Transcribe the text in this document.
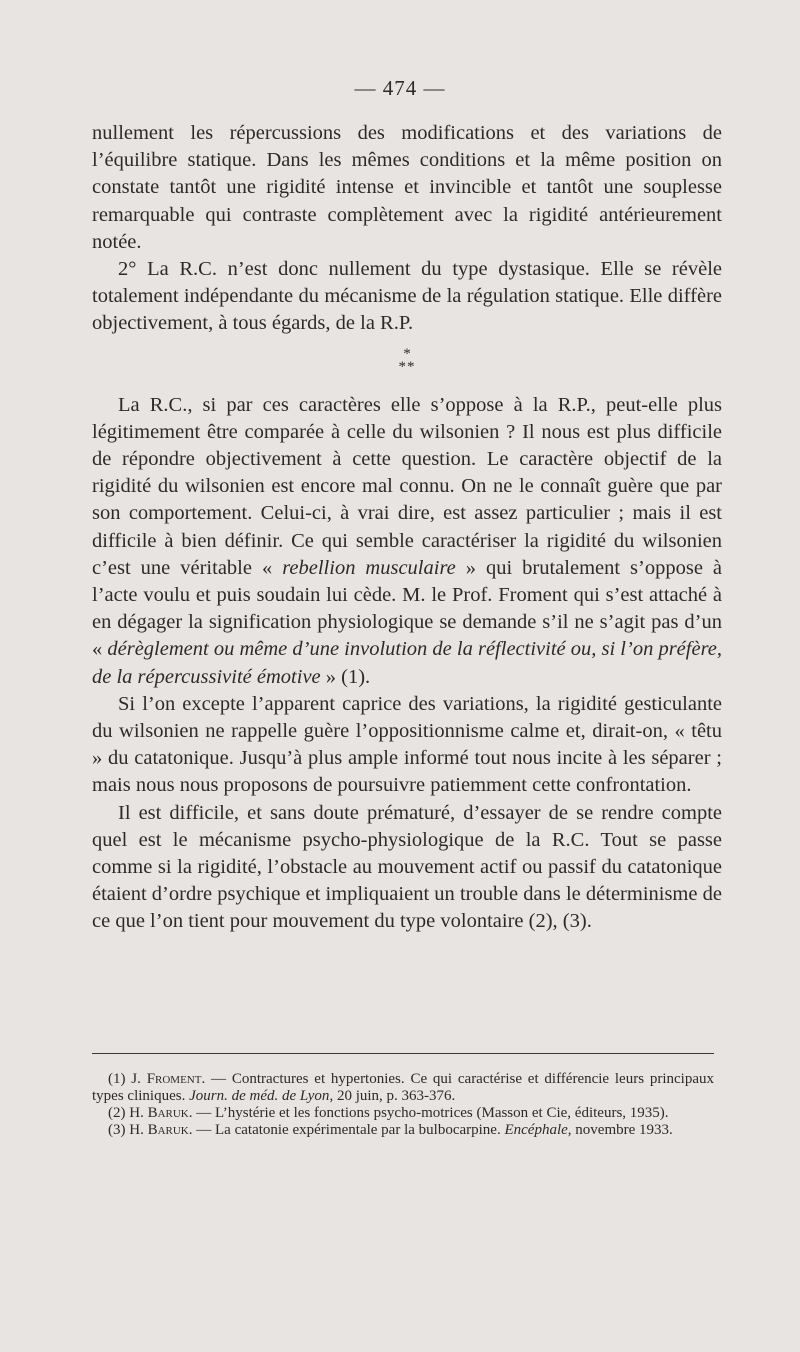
— 474 —

nullement les répercussions des modifications et des variations de l’équilibre statique. Dans les mêmes conditions et la même position on constate tantôt une rigidité intense et invincible et tantôt une souplesse remarquable qui contraste complètement avec la rigidité antérieurement notée.

2° La R.C. n’est donc nullement du type dystasique. Elle se révèle totalement indépendante du mécanisme de la régulation statique. Elle diffère objectivement, à tous égards, de la R.P.

*
**

La R.C., si par ces caractères elle s’oppose à la R.P., peut-elle plus légitimement être comparée à celle du wilsonien ? Il nous est plus difficile de répondre objectivement à cette question. Le caractère objectif de la rigidité du wilsonien est encore mal connu. On ne le connaît guère que par son comportement. Celui-ci, à vrai dire, est assez particulier ; mais il est difficile à bien définir. Ce qui semble caractériser la rigidité du wilsonien c’est une véritable « rebellion musculaire » qui brutalement s’oppose à l’acte voulu et puis soudain lui cède. M. le Prof. Froment qui s’est attaché à en dégager la signification physiologique se demande s’il ne s’agit pas d’un « dérèglement ou même d’une involution de la réflectivité ou, si l’on préfère, de la répercussivité émotive » (1).

Si l’on excepte l’apparent caprice des variations, la rigidité gesticulante du wilsonien ne rappelle guère l’oppositionnisme calme et, dirait-on, « têtu » du catatonique. Jusqu’à plus ample informé tout nous incite à les séparer ; mais nous nous proposons de poursuivre patiemment cette confrontation.

Il est difficile, et sans doute prématuré, d’essayer de se rendre compte quel est le mécanisme psycho-physiologique de la R.C. Tout se passe comme si la rigidité, l’obstacle au mouvement actif ou passif du catatonique étaient d’ordre psychique et impliquaient un trouble dans le déterminisme de ce que l’on tient pour mouvement du type volontaire (2), (3).

(1) J. Froment. — Contractures et hypertonies. Ce qui caractérise et différencie leurs principaux types cliniques. Journ. de méd. de Lyon, 20 juin, p. 363-376.

(2) H. Baruk. — L’hystérie et les fonctions psycho-motrices (Masson et Cie, éditeurs, 1935).

(3) H. Baruk. — La catatonie expérimentale par la bulbocarpine. Encéphale, novembre 1933.
